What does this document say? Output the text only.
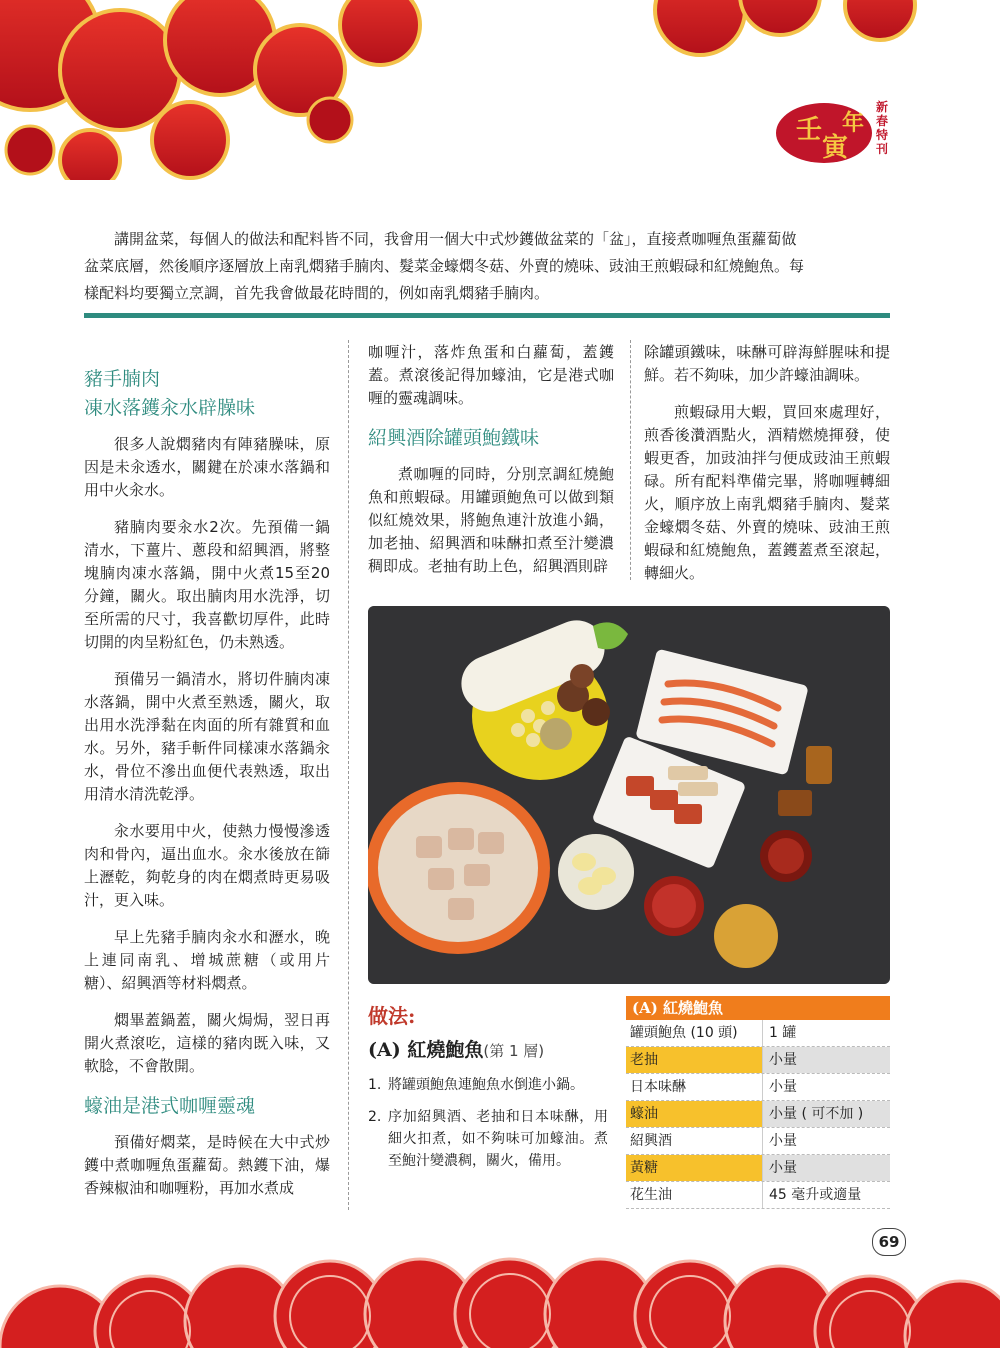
壬
寅
年
新春特刊

講開盆菜，每個人的做法和配料皆不同，我會用一個大中式炒鑊做盆菜的「盆」，直接煮咖喱魚蛋蘿蔔做盆菜底層，然後順序逐層放上南乳燜豬手腩肉、髮菜金蠔燜冬菇、外賣的燒味、豉油王煎蝦碌和紅燒鮑魚。每樣配料均要獨立烹調，首先我會做最花時間的，例如南乳燜豬手腩肉。

豬手腩肉
凍水落鑊汆水辟臊味

很多人說燜豬肉有陣豬臊味，原因是未汆透水，關鍵在於凍水落鍋和用中火汆水。

豬腩肉要汆水2次。先預備一鍋清水，下薑片、蔥段和紹興酒，將整塊腩肉凍水落鍋，開中火煮15至20分鐘，關火。取出腩肉用水洗淨，切至所需的尺寸，我喜歡切厚件，此時切開的肉呈粉紅色，仍未熟透。

預備另一鍋清水，將切件腩肉凍水落鍋，開中火煮至熟透，關火，取出用水洗淨黏在肉面的所有雜質和血水。另外，豬手斬件同樣凍水落鍋汆水，骨位不滲出血便代表熟透，取出用清水清洗乾淨。

汆水要用中火，使熱力慢慢滲透肉和骨內，逼出血水。汆水後放在篩上瀝乾，夠乾身的肉在燜煮時更易吸汁，更入味。

早上先豬手腩肉汆水和瀝水，晚上連同南乳、增城蔗糖（或用片糖）、紹興酒等材料燜煮。

燜畢蓋鍋蓋，關火焗焗，翌日再開火煮滾吃，這樣的豬肉既入味，又軟腍，不會散開。

蠔油是港式咖喱靈魂

預備好燜菜，是時候在大中式炒鑊中煮咖喱魚蛋蘿蔔。熱鑊下油，爆香辣椒油和咖喱粉，再加水煮成

咖喱汁，落炸魚蛋和白蘿蔔，蓋鑊蓋。煮滾後記得加蠔油，它是港式咖喱的靈魂調味。

紹興酒除罐頭鮑鐵味

煮咖喱的同時，分別烹調紅燒鮑魚和煎蝦碌。用罐頭鮑魚可以做到類似紅燒效果，將鮑魚連汁放進小鍋，加老抽、紹興酒和味醂扣煮至汁變濃稠即成。老抽有助上色，紹興酒則辟

除罐頭鐵味，味醂可辟海鮮腥味和提鮮。若不夠味，加少許蠔油調味。

煎蝦碌用大蝦，買回來處理好，煎香後灒酒點火，酒精燃燒揮發，使蝦更香，加豉油拌勻便成豉油王煎蝦碌。所有配料準備完畢，將咖喱轉細火，順序放上南乳燜豬手腩肉、髮菜金蠔燜冬菇、外賣的燒味、豉油王煎蝦碌和紅燒鮑魚，蓋鑊蓋煮至滾起，轉細火。

做法:
(A) 紅燒鮑魚(第 1 層)
1. 將罐頭鮑魚連鮑魚水倒進小鍋。
2. 序加紹興酒、老抽和日本味醂，用細火扣煮，如不夠味可加蠔油。煮至鮑汁變濃稠，關火，備用。
(A) 紅燒鮑魚
罐頭鮑魚 (10 頭)	1 罐
老抽	小量
日本味醂	小量
蠔油	小量 ( 可不加 )
紹興酒	小量
黃糖	小量
花生油	45 毫升或適量
69
